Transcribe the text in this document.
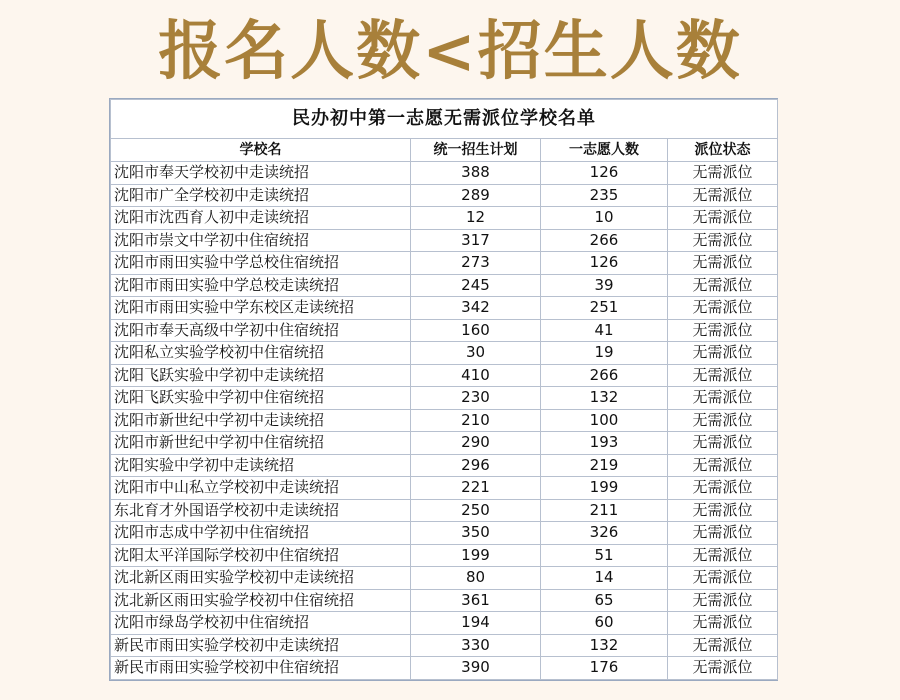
报名人数<招生人数
民办初中第一志愿无需派位学校名单			
学校名	统一招生计划	一志愿人数	派位状态
沈阳市奉天学校初中走读统招	388	126	无需派位
沈阳市广全学校初中走读统招	289	235	无需派位
沈阳市沈西育人初中走读统招	12	10	无需派位
沈阳市崇文中学初中住宿统招	317	266	无需派位
沈阳市雨田实验中学总校住宿统招	273	126	无需派位
沈阳市雨田实验中学总校走读统招	245	39	无需派位
沈阳市雨田实验中学东校区走读统招	342	251	无需派位
沈阳市奉天高级中学初中住宿统招	160	41	无需派位
沈阳私立实验学校初中住宿统招	30	19	无需派位
沈阳飞跃实验中学初中走读统招	410	266	无需派位
沈阳飞跃实验中学初中住宿统招	230	132	无需派位
沈阳市新世纪中学初中走读统招	210	100	无需派位
沈阳市新世纪中学初中住宿统招	290	193	无需派位
沈阳实验中学初中走读统招	296	219	无需派位
沈阳市中山私立学校初中走读统招	221	199	无需派位
东北育才外国语学校初中走读统招	250	211	无需派位
沈阳市志成中学初中住宿统招	350	326	无需派位
沈阳太平洋国际学校初中住宿统招	199	51	无需派位
沈北新区雨田实验学校初中走读统招	80	14	无需派位
沈北新区雨田实验学校初中住宿统招	361	65	无需派位
沈阳市绿岛学校初中住宿统招	194	60	无需派位
新民市雨田实验学校初中走读统招	330	132	无需派位
新民市雨田实验学校初中住宿统招	390	176	无需派位
